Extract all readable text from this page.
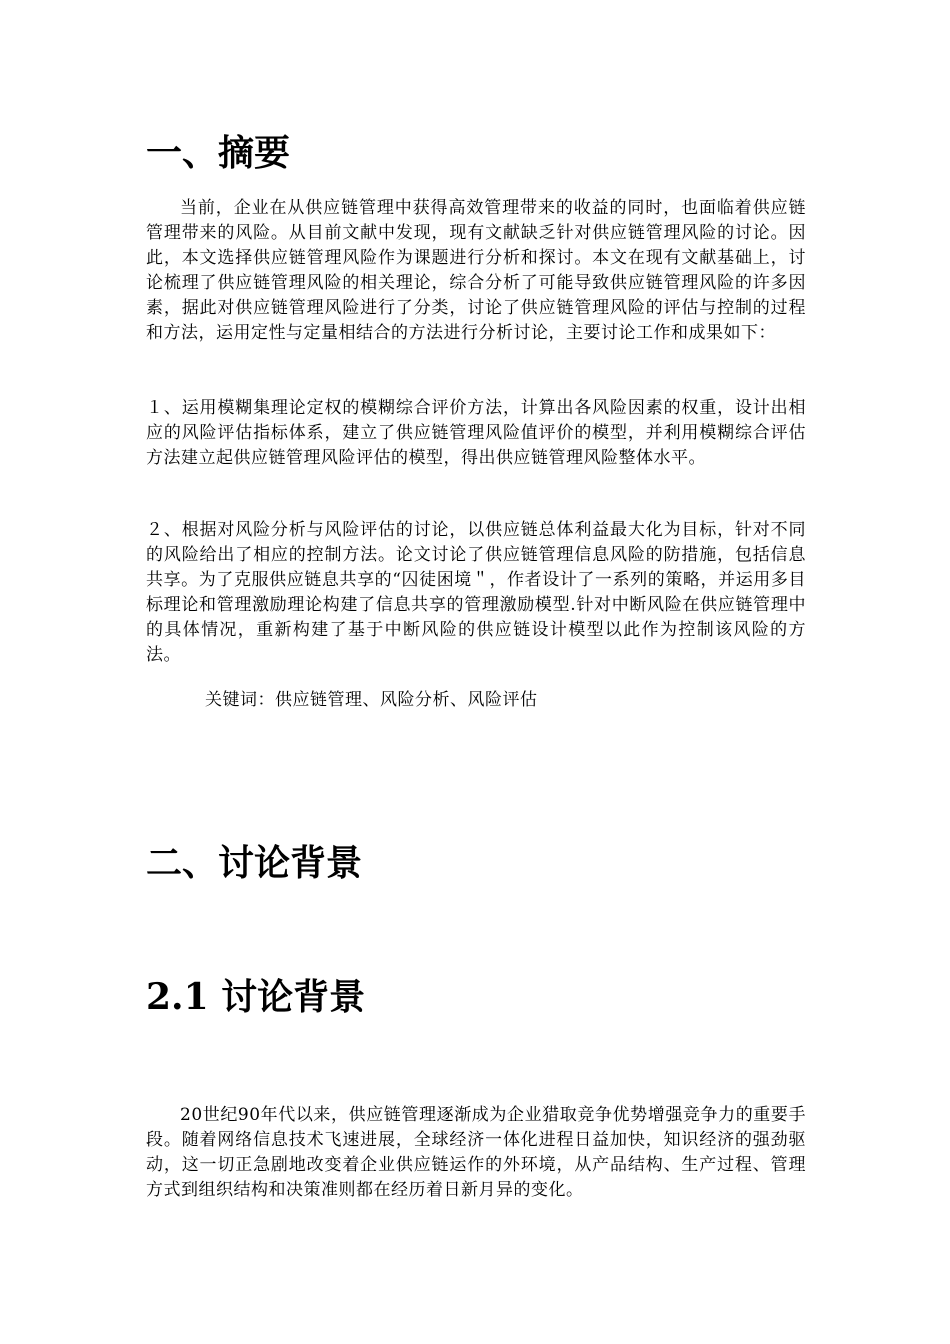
一、摘要

当前，企业在从供应链管理中获得高效管理带来的收益的同时，也面临着供应链管理带来的风险。从目前文献中发现，现有文献缺乏针对供应链管理风险的讨论。因此，本文选择供应链管理风险作为课题进行分析和探讨。本文在现有文献基础上，讨论梳理了供应链管理风险的相关理论，综合分析了可能导致供应链管理风险的许多因素，据此对供应链管理风险进行了分类，讨论了供应链管理风险的评估与控制的过程和方法，运用定性与定量相结合的方法进行分析讨论，主要讨论工作和成果如下：

１、运用模糊集理论定权的模糊综合评价方法，计算出各风险因素的权重，设计出相应的风险评估指标体系，建立了供应链管理风险值评价的模型，并利用模糊综合评估方法建立起供应链管理风险评估的模型，得出供应链管理风险整体水平。

２、根据对风险分析与风险评估的讨论，以供应链总体利益最大化为目标，针对不同的风险给出了相应的控制方法。论文讨论了供应链管理信息风险的防措施，包括信息共享。为了克服供应链息共享的“囚徒困境＂，作者设计了一系列的策略，并运用多目标理论和管理激励理论构建了信息共享的管理激励模型.针对中断风险在供应链管理中的具体情况，重新构建了基于中断风险的供应链设计模型以此作为控制该风险的方法。

关键词：供应链管理、风险分析、风险评估

二、讨论背景
2.1 讨论背景

20世纪90年代以来，供应链管理逐渐成为企业猎取竞争优势增强竞争力的重要手段。随着网络信息技术飞速进展，全球经济一体化进程日益加快，知识经济的强劲驱动，这一切正急剧地改变着企业供应链运作的外环境，从产品结构、生产过程、管理方式到组织结构和决策准则都在经历着日新月异的变化。
